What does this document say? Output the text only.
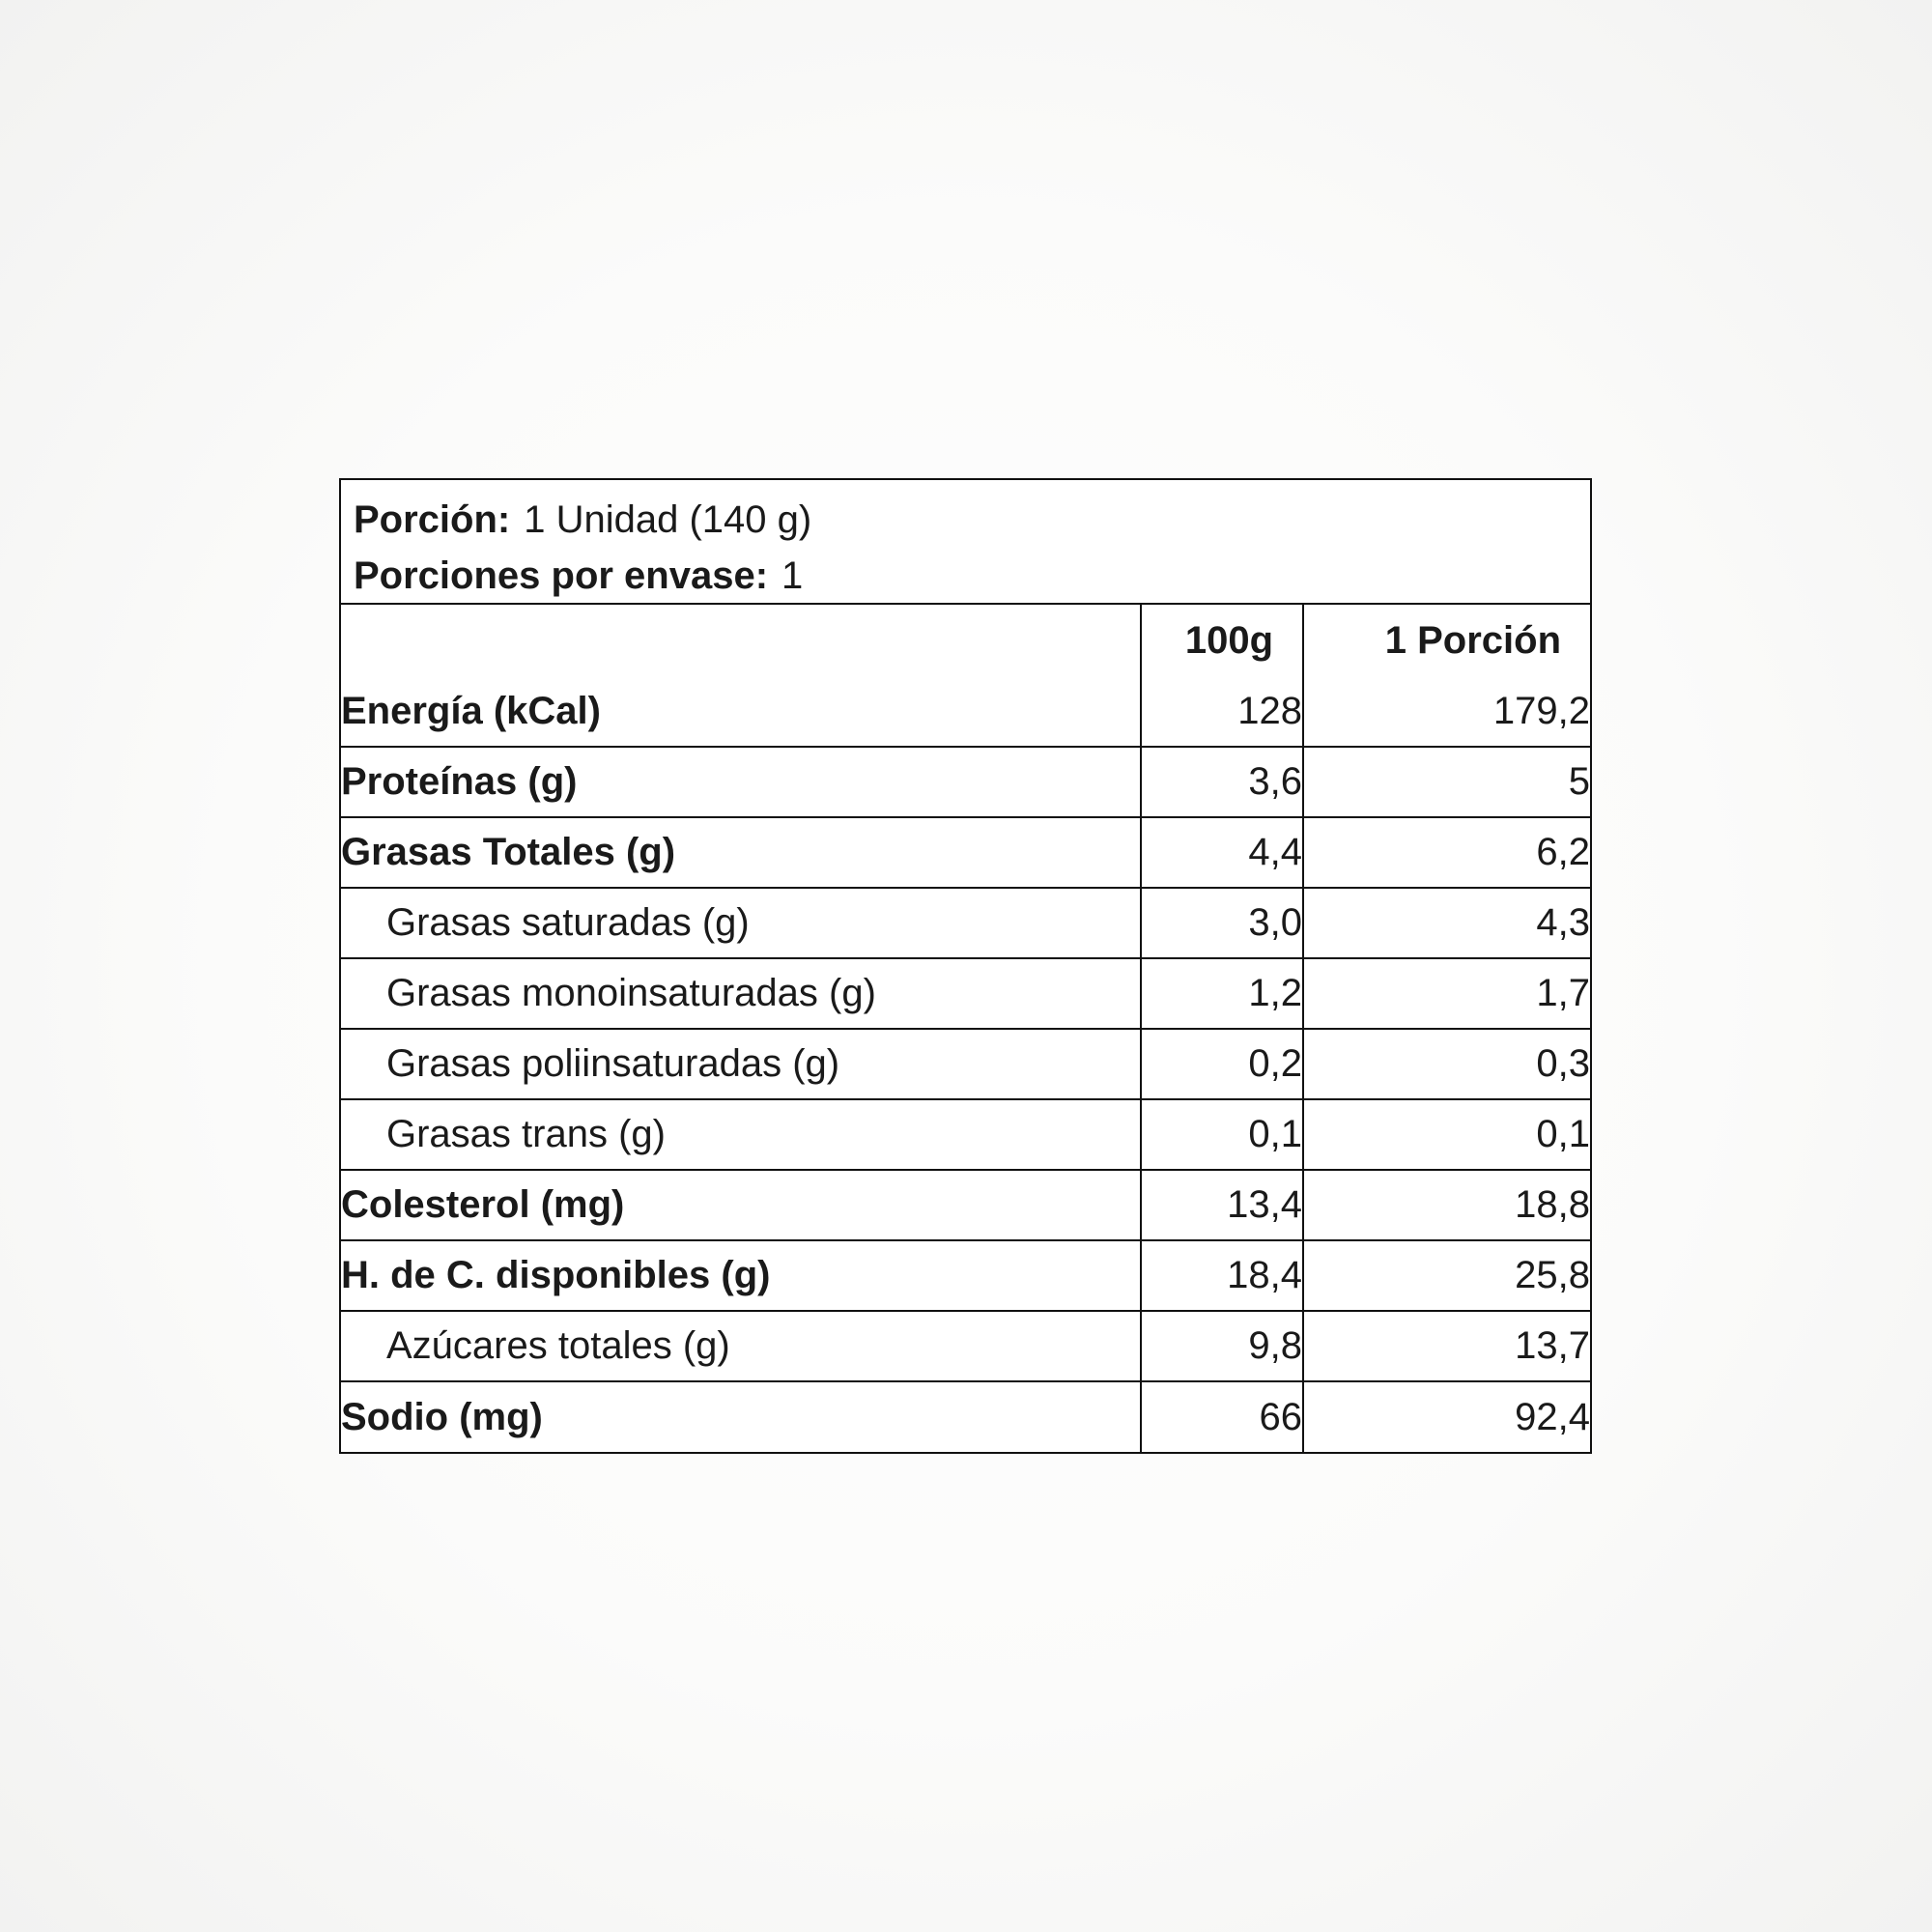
Porción: 1 Unidad (140 g)
Porciones por envase: 1
	100g	1 Porción
Energía (kCal)	128	179,2
Proteínas (g)	3,6	5
Grasas Totales (g)	4,4	6,2
Grasas saturadas (g)	3,0	4,3
Grasas monoinsaturadas (g)	1,2	1,7
Grasas poliinsaturadas (g)	0,2	0,3
Grasas trans (g)	0,1	0,1
Colesterol (mg)	13,4	18,8
H. de C. disponibles (g)	18,4	25,8
Azúcares totales (g)	9,8	13,7
Sodio (mg)	66	92,4
